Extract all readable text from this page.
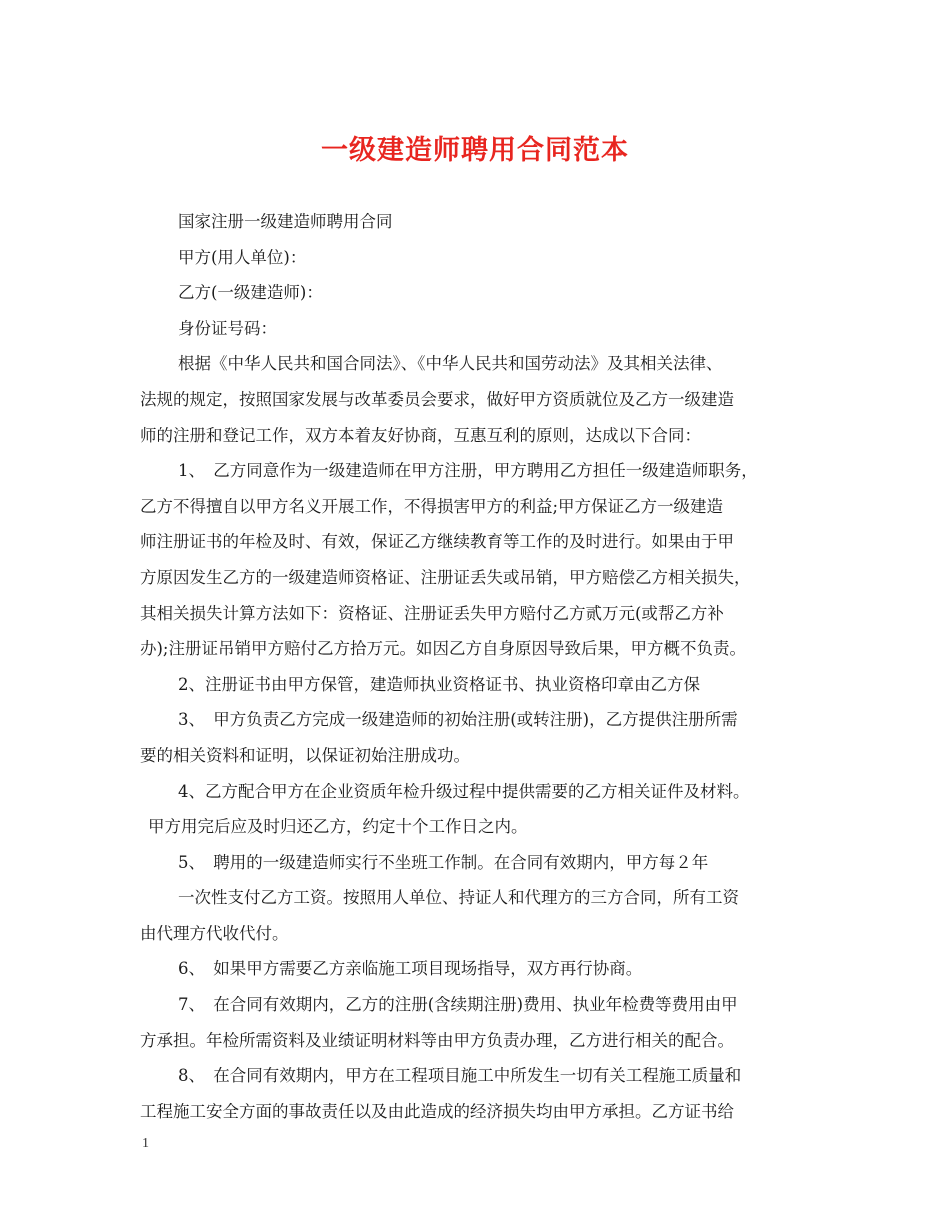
一级建造师聘用合同范本
国家注册一级建造师聘用合同
甲方(用人单位)：
乙方(一级建造师)：
身份证号码：
根据《中华人民共和国合同法》、《中华人民共和国劳动法》及其相关法律、
法规的规定，按照国家发展与改革委员会要求，做好甲方资质就位及乙方一级建造
师的注册和登记工作，双方本着友好协商，互惠互利的原则，达成以下合同：
1、　乙方同意作为一级建造师在甲方注册，甲方聘用乙方担任一级建造师职务，
乙方不得擅自以甲方名义开展工作，不得损害甲方的利益;甲方保证乙方一级建造
师注册证书的年检及时、有效，保证乙方继续教育等工作的及时进行。如果由于甲
方原因发生乙方的一级建造师资格证、注册证丢失或吊销，甲方赔偿乙方相关损失，
其相关损失计算方法如下：资格证、注册证丢失甲方赔付乙方贰万元(或帮乙方补
办);注册证吊销甲方赔付乙方拾万元。如因乙方自身原因导致后果，甲方概不负责。
2、注册证书由甲方保管，建造师执业资格证书、执业资格印章由乙方保
3、　甲方负责乙方完成一级建造师的初始注册(或转注册)，乙方提供注册所需
要的相关资料和证明，以保证初始注册成功。
4、乙方配合甲方在企业资质年检升级过程中提供需要的乙方相关证件及材料。
甲方用完后应及时归还乙方，约定十个工作日之内。
5、　聘用的一级建造师实行不坐班工作制。在合同有效期内，甲方每２年
一次性支付乙方工资。按照用人单位、持证人和代理方的三方合同，所有工资
由代理方代收代付。
6、　如果甲方需要乙方亲临施工项目现场指导，双方再行协商。
7、　在合同有效期内，乙方的注册(含续期注册)费用、执业年检费等费用由甲
方承担。年检所需资料及业绩证明材料等由甲方负责办理，乙方进行相关的配合。
8、　在合同有效期内，甲方在工程项目施工中所发生一切有关工程施工质量和
工程施工安全方面的事故责任以及由此造成的经济损失均由甲方承担。乙方证书给
1
